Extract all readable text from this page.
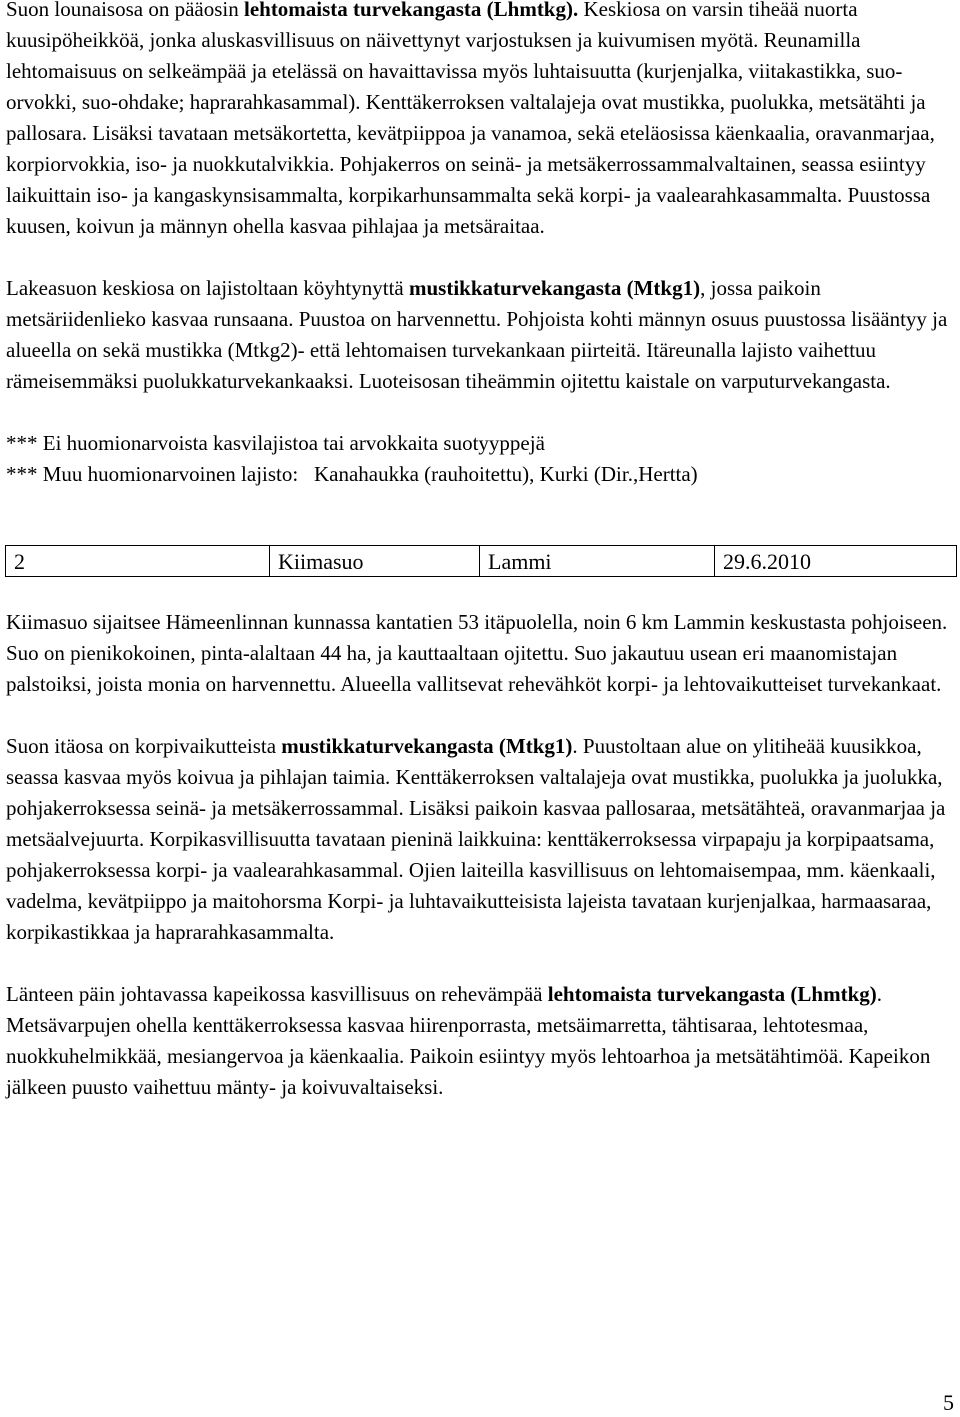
Suon lounaisosa on pääosin lehtomaista turvekangasta (Lhmtkg). Keskiosa on varsin tiheää nuorta kuusipöheikköä, jonka aluskasvillisuus on näivettynyt varjostuksen ja kuivumisen myötä. Reunamilla lehtomaisuus on selkeämpää ja etelässä on havaittavissa myös luhtaisuutta (kurjenjalka, viitakastikka, suo-orvokki, suo-ohdake; haprarahkasammal). Kenttäkerroksen valtalajeja ovat mustikka, puolukka, metsätähti ja pallosara. Lisäksi tavataan metsäkortetta, kevätpiippoa ja vanamoa, sekä eteläosissa käenkaalia, oravanmarjaa, korpiorvokkia, iso- ja nuokkutalvikkia. Pohjakerros on seinä- ja metsäkerrossammalvaltainen, seassa esiintyy laikuittain iso- ja kangaskynsisammalta, korpikarhunsammalta sekä korpi- ja vaalearahkasammalta. Puustossa kuusen, koivun ja männyn ohella kasvaa pihlajaa ja metsäraitaa.

Lakeasuon keskiosa on lajistoltaan köyhtynyttä mustikkaturvekangasta (Mtkg1), jossa paikoin metsäriidenlieko kasvaa runsaana. Puustoa on harvennettu. Pohjoista kohti männyn osuus puustossa lisääntyy ja alueella on sekä mustikka (Mtkg2)- että lehtomaisen turvekankaan piirteitä. Itäreunalla lajisto vaihettuu rämeisemmäksi puolukkaturvekankaaksi. Luoteisosan tiheämmin ojitettu kaistale on varputurvekangasta.

*** Ei huomionarvoista kasvilajistoa tai arvokkaita suotyyppejä

*** Muu huomionarvoinen lajisto: Kanahaukka (rauhoitettu), Kurki (Dir.,Hertta)

2	Kiimasuo	Lammi	29.6.2010

Kiimasuo sijaitsee Hämeenlinnan kunnassa kantatien 53 itäpuolella, noin 6 km Lammin keskustasta pohjoiseen. Suo on pienikokoinen, pinta-alaltaan 44 ha, ja kauttaaltaan ojitettu. Suo jakautuu usean eri maanomistajan palstoiksi, joista monia on harvennettu. Alueella vallitsevat rehevähköt korpi- ja lehtovaikutteiset turvekankaat.

Suon itäosa on korpivaikutteista mustikkaturvekangasta (Mtkg1). Puustoltaan alue on ylitiheää kuusikkoa, seassa kasvaa myös koivua ja pihlajan taimia. Kenttäkerroksen valtalajeja ovat mustikka, puolukka ja juolukka, pohjakerroksessa seinä- ja metsäkerrossammal. Lisäksi paikoin kasvaa pallosaraa, metsätähteä, oravanmarjaa ja metsäalvejuurta. Korpikasvillisuutta tavataan pieninä laikkuina: kenttäkerroksessa virpapaju ja korpipaatsama, pohjakerroksessa korpi- ja vaalearahkasammal. Ojien laiteilla kasvillisuus on lehtomaisempaa, mm. käenkaali, vadelma, kevätpiippo ja maitohorsma Korpi- ja luhtavaikutteisista lajeista tavataan kurjenjalkaa, harmaasaraa, korpikastikkaa ja haprarahkasammalta.

Länteen päin johtavassa kapeikossa kasvillisuus on rehevämpää lehtomaista turvekangasta (Lhmtkg). Metsävarpujen ohella kenttäkerroksessa kasvaa hiirenporrasta, metsäimarretta, tähtisaraa, lehtotesmaa, nuokkuhelmikkää, mesiangervoa ja käenkaalia. Paikoin esiintyy myös lehtoarhoa ja metsätähtimöä. Kapeikon jälkeen puusto vaihettuu mänty- ja koivuvaltaiseksi.

5
